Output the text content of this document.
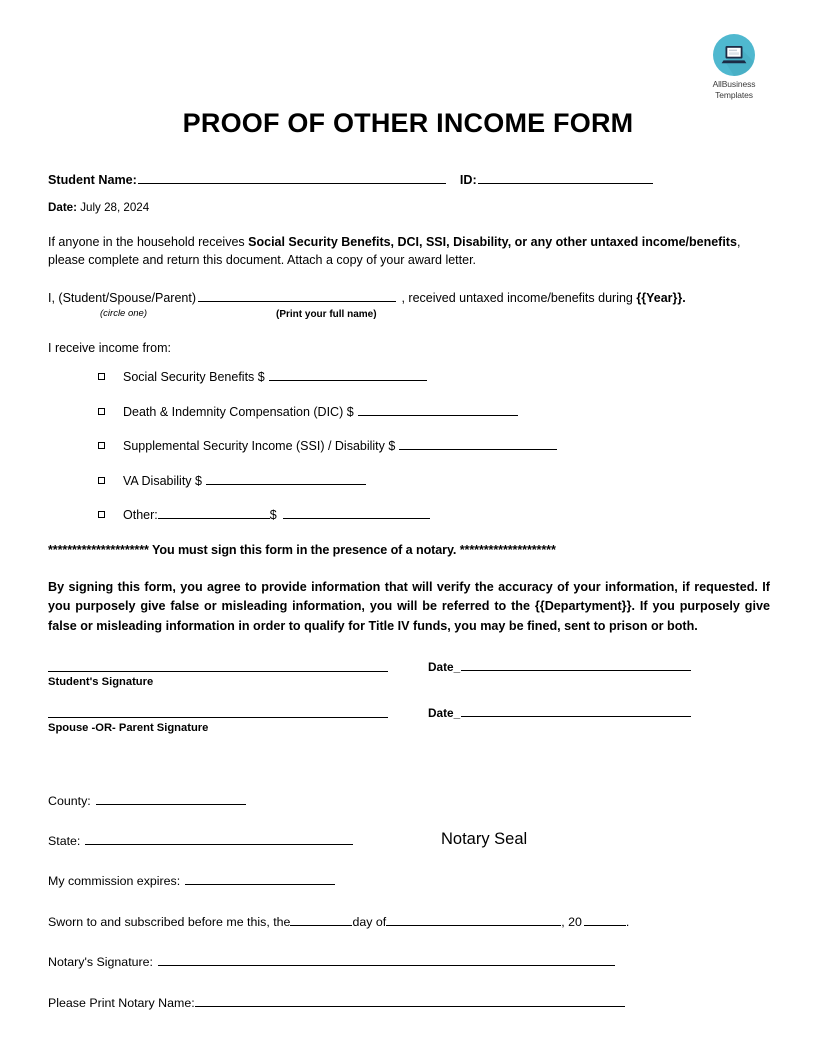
AllBusiness
Templates
PROOF OF OTHER INCOME FORM
Student Name:	ID:
Date: July 28, 2024
If anyone in the household receives Social Security Benefits, DCI, SSI, Disability, or any other untaxed income/benefits, please complete and return this document. Attach a copy of your award letter.
I, (Student/Spouse/Parent)	, received untaxed income/benefits during {{Year}}.
(circle one)	(Print your full name)
I receive income from:
Social Security Benefits $
Death & Indemnity Compensation (DIC) $
Supplemental Security Income (SSI) / Disability $
VA Disability $
Other:	$
********************* You must sign this form in the presence of a notary. ********************
By signing this form, you agree to provide information that will verify the accuracy of your information, if requested. If you purposely give false or misleading information, you will be referred to the {{Departyment}}. If you purposely give false or misleading information in order to qualify for Title IV funds, you may be fined, sent to prison or both.
Student's Signature
Date_
Spouse -OR- Parent Signature
Date_
County:
State:	Notary Seal
My commission expires:
Sworn to and subscribed before me this, the	day of	, 20	.
Notary's Signature:
Please Print Notary Name:
